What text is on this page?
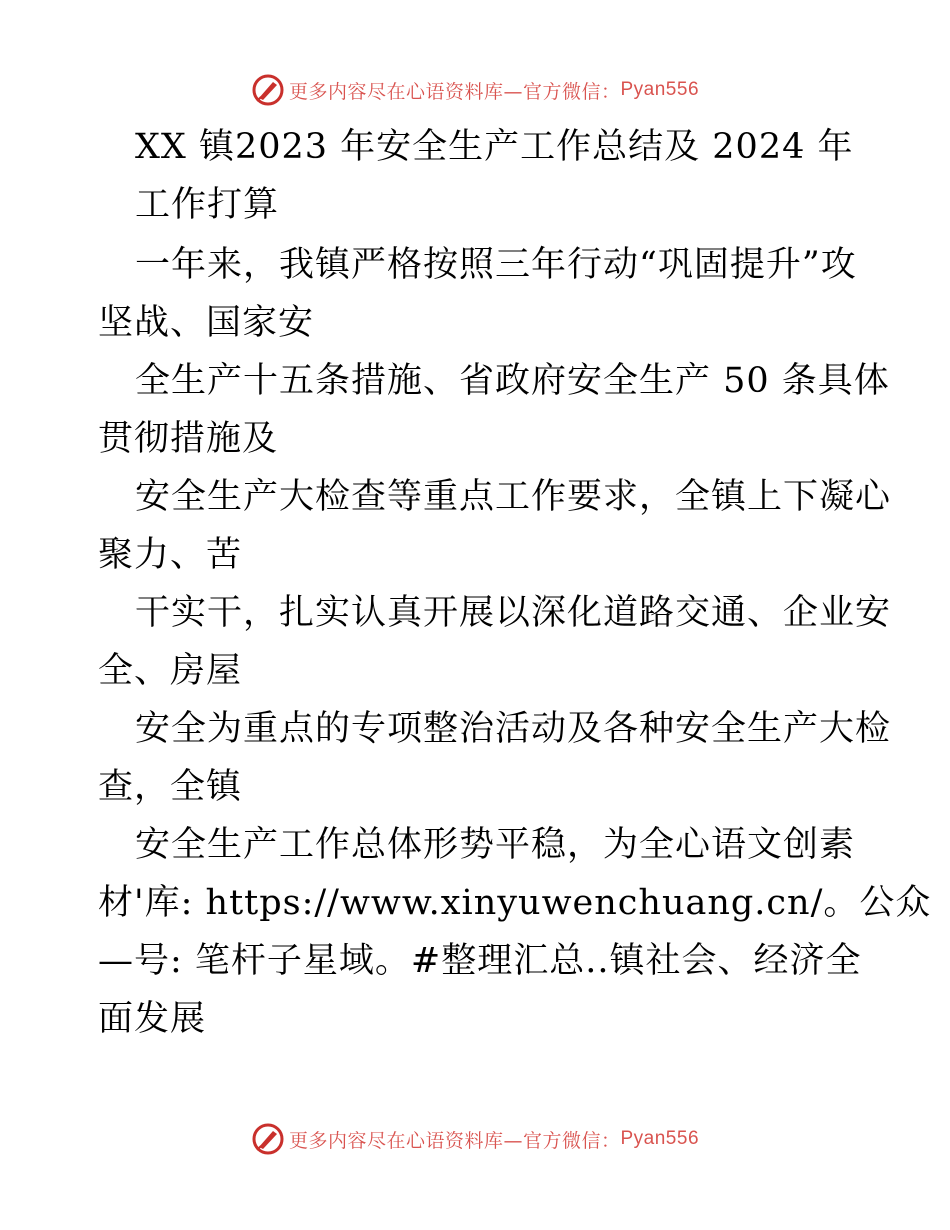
更多内容尽在心语资料库—官方微信： Pyan556
XX 镇2023 年安全生产工作总结及 2024 年
工作打算
一年来，我镇严格按照三年行动“巩固提升”攻
坚战、国家安
全生产十五条措施、省政府安全生产 50 条具体
贯彻措施及
安全生产大检查等重点工作要求，全镇上下凝心
聚力、苦
干实干，扎实认真开展以深化道路交通、企业安
全、房屋
安全为重点的专项整治活动及各种安全生产大检
查，全镇
安全生产工作总体形势平稳，为全心语文创素
材'库: https://www.xinyuwenchuang.cn/。公众
—号: 笔杆子星域。#整理汇总..镇社会、经济全
面发展
更多内容尽在心语资料库—官方微信： Pyan556
